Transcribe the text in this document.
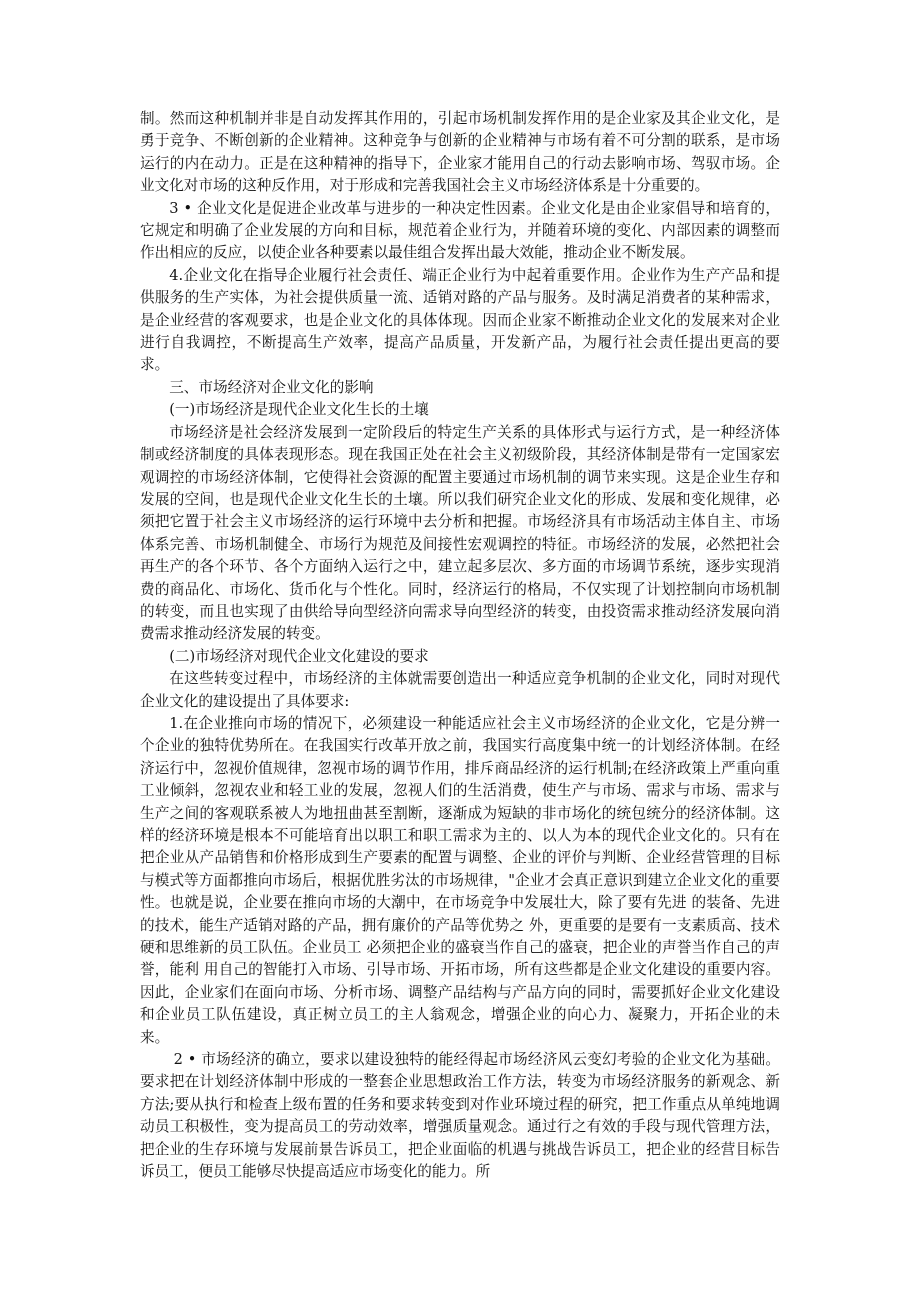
制。然而这种机制并非是自动发挥其作用的，引起市场机制发挥作用的是企业家及其企业文化，是勇于竞争、不断创新的企业精神。这种竞争与创新的企业精神与市场有着不可分割的联系，是市场运行的内在动力。正是在这种精神的指导下，企业家才能用自己的行动去影响市场、驾驭市场。企业文化对市场的这种反作用，对于形成和完善我国社会主义市场经济体系是十分重要的。

3 • 企业文化是促进企业改革与进步的一种决定性因素。企业文化是由企业家倡导和培育的，它规定和明确了企业发展的方向和目标，规范着企业行为，并随着环境的变化、内部因素的调整而作出相应的反应，以使企业各种要素以最佳组合发挥出最大效能，推动企业不断发展。

4.企业文化在指导企业履行社会责任、端正企业行为中起着重要作用。企业作为生产产品和提供服务的生产实体，为社会提供质量一流、适销对路的产品与服务。及时满足消费者的某种需求，是企业经营的客观要求，也是企业文化的具体体现。因而企业家不断推动企业文化的发展来对企业进行自我调控，不断提高生产效率，提高产品质量，开发新产品，为履行社会责任提出更高的要求。

三、市场经济对企业文化的影响

(一)市场经济是现代企业文化生长的土壤

市场经济是社会经济发展到一定阶段后的特定生产关系的具体形式与运行方式，是一种经济体制或经济制度的具体表现形态。现在我国正处在社会主义初级阶段，其经济体制是带有一定国家宏观调控的市场经济体制，它使得社会资源的配置主要通过市场机制的调节来实现。这是企业生存和发展的空间，也是现代企业文化生长的土壤。所以我们研究企业文化的形成、发展和变化规律，必须把它置于社会主义市场经济的运行环境中去分析和把握。市场经济具有市场活动主体自主、市场体系完善、市场机制健全、市场行为规范及间接性宏观调控的特征。市场经济的发展，必然把社会再生产的各个环节、各个方面纳入运行之中，建立起多层次、多方面的市场调节系统，逐步实现消费的商品化、市场化、货币化与个性化。同时，经济运行的格局，不仅实现了计划控制向市场机制的转变，而且也实现了由供给导向型经济向需求导向型经济的转变，由投资需求推动经济发展向消费需求推动经济发展的转变。

(二)市场经济对现代企业文化建设的要求

在这些转变过程中，市场经济的主体就需要创造出一种适应竞争机制的企业文化，同时对现代企业文化的建设提出了具体要求:

1.在企业推向市场的情况下，必须建设一种能适应社会主义市场经济的企业文化，它是分辨一个企业的独特优势所在。在我国实行改革开放之前，我国实行高度集中统一的计划经济体制。在经济运行中，忽视价值规律，忽视市场的调节作用，排斥商品经济的运行机制;在经济政策上严重向重工业倾斜，忽视农业和轻工业的发展，忽视人们的生活消费，使生产与市场、需求与市场、需求与生产之间的客观联系被人为地扭曲甚至割断，逐渐成为短缺的非市场化的统包统分的经济体制。这样的经济环境是根本不可能培育出以职工和职工需求为主的、以人为本的现代企业文化的。只有在把企业从产品销售和价格形成到生产要素的配置与调整、企业的评价与判断、企业经营管理的目标与模式等方面都推向市场后，根据优胜劣汰的市场规律，"企业才会真正意识到建立企业文化的重要性。也就是说，企业要在推向市场的大潮中，在市场竞争中发展壮大，除了要有先进 的装备、先进的技术，能生产适销对路的产品，拥有廉价的产品等优势之 外，更重要的是要有一支素质高、技术硬和思维新的员工队伍。企业员工 必须把企业的盛衰当作自己的盛衰，把企业的声誉当作自己的声誉，能利 用自己的智能打入市场、引导市场、开拓市场，所有这些都是企业文化建设的重要内容。因此，企业家们在面向市场、分析市场、调整产品结构与产品方向的同时，需要抓好企业文化建设和企业员工队伍建设，真正树立员工的主人翁观念，增强企业的向心力、凝聚力，开拓企业的未来。

2 • 市场经济的确立，要求以建设独特的能经得起市场经济风云变幻考验的企业文化为基础。要求把在计划经济体制中形成的一整套企业思想政治工作方法，转变为市场经济服务的新观念、新方法;要从执行和检查上级布置的任务和要求转变到对作业环境过程的研究，把工作重点从单纯地调动员工积极性，变为提高员工的劳动效率，增强质量观念。通过行之有效的手段与现代管理方法，把企业的生存环境与发展前景告诉员工，把企业面临的机遇与挑战告诉员工，把企业的经营目标告诉员工，便员工能够尽快提高适应市场变化的能力。所
